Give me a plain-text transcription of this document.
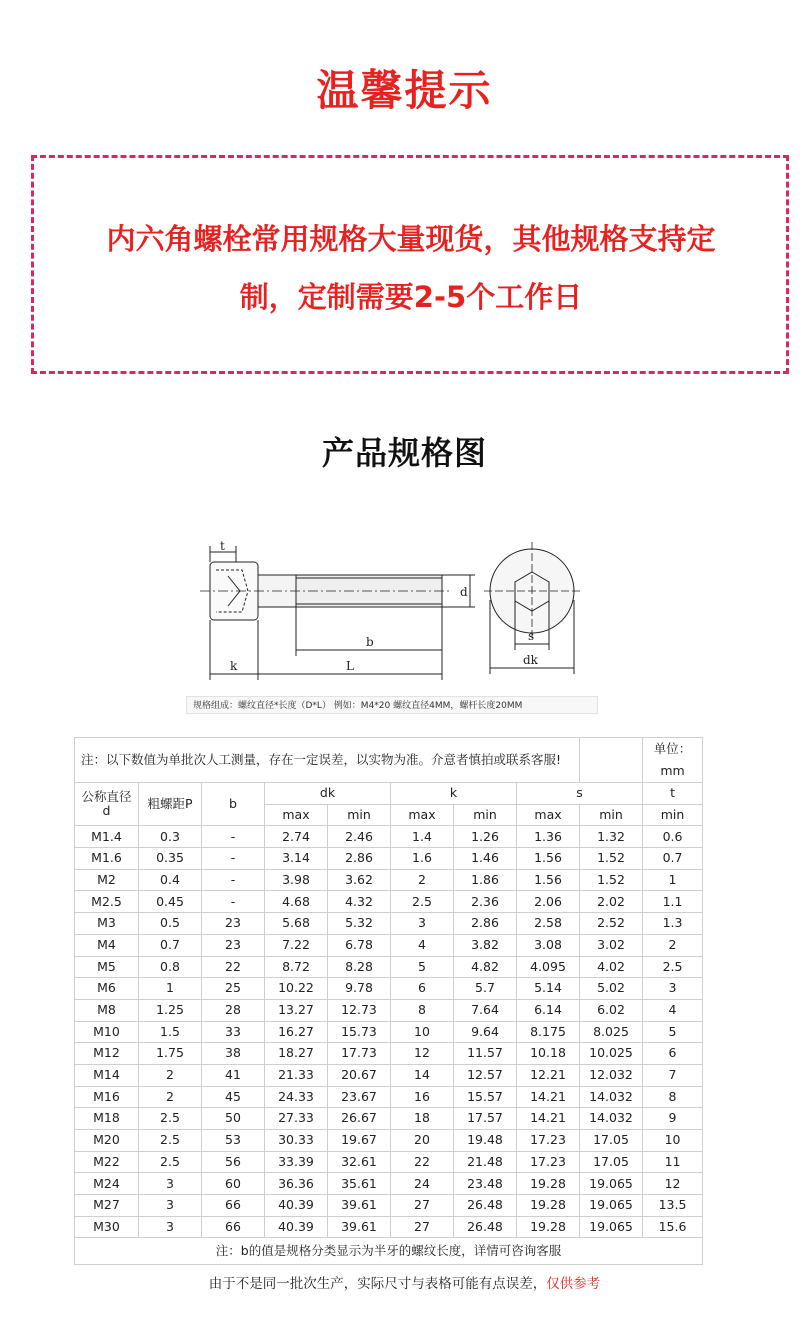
温馨提示
内六角螺栓常用规格大量现货，其他规格支持定
制，定制需要2-5个工作日
产品规格图
t
d
b
k	L
s
dk
规格组成：螺纹直径*长度（D*L） 例如：M4*20 螺纹直径4MM，螺杆长度20MM
注：以下数值为单批次人工测量，存在一定误差，以实物为准。介意者慎拍或联系客服!									单位：mm

公称直径
d	粗螺距P	b	dk		k		s		t
			max	min	max	min	max	min	min
M1.4	0.3	-	2.74	2.46	1.4	1.26	1.36	1.32	0.6
M1.6	0.35	-	3.14	2.86	1.6	1.46	1.56	1.52	0.7
M2	0.4	-	3.98	3.62	2	1.86	1.56	1.52	1
M2.5	0.45	-	4.68	4.32	2.5	2.36	2.06	2.02	1.1
M3	0.5	23	5.68	5.32	3	2.86	2.58	2.52	1.3
M4	0.7	23	7.22	6.78	4	3.82	3.08	3.02	2
M5	0.8	22	8.72	8.28	5	4.82	4.095	4.02	2.5
M6	1	25	10.22	9.78	6	5.7	5.14	5.02	3
M8	1.25	28	13.27	12.73	8	7.64	6.14	6.02	4
M10	1.5	33	16.27	15.73	10	9.64	8.175	8.025	5
M12	1.75	38	18.27	17.73	12	11.57	10.18	10.025	6
M14	2	41	21.33	20.67	14	12.57	12.21	12.032	7
M16	2	45	24.33	23.67	16	15.57	14.21	14.032	8
M18	2.5	50	27.33	26.67	18	17.57	14.21	14.032	9
M20	2.5	53	30.33	19.67	20	19.48	17.23	17.05	10
M22	2.5	56	33.39	32.61	22	21.48	17.23	17.05	11
M24	3	60	36.36	35.61	24	23.48	19.28	19.065	12
M27	3	66	40.39	39.61	27	26.48	19.28	19.065	13.5
M30	3	66	40.39	39.61	27	26.48	19.28	19.065	15.6
注：b的值是规格分类显示为半牙的螺纹长度，详情可咨询客服									
由于不是同一批次生产，实际尺寸与表格可能有点误差，仅供参考
